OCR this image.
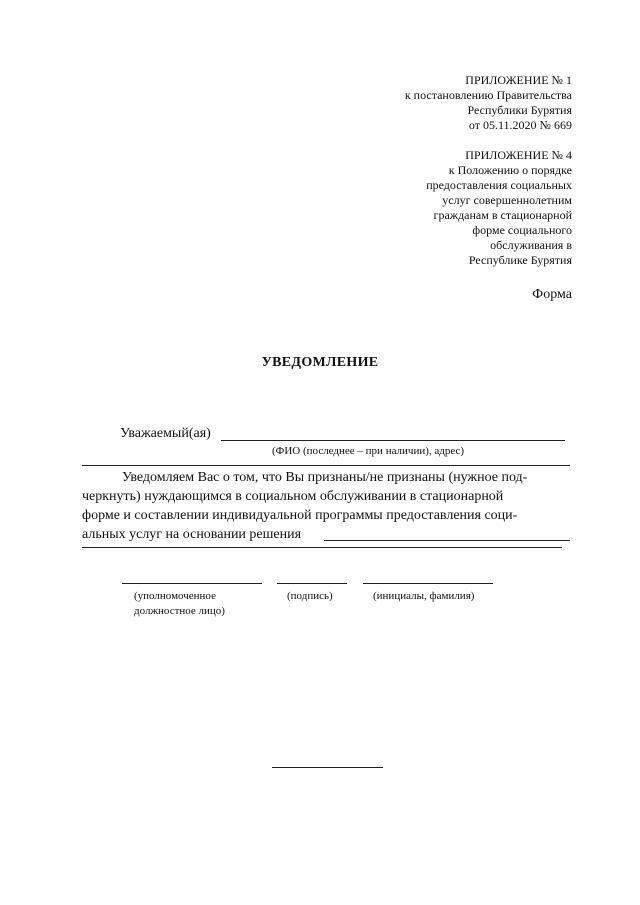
ПРИЛОЖЕНИЕ № 1
к постановлению Правительства
Республики Бурятия
от 05.11.2020 № 669
ПРИЛОЖЕНИЕ № 4
к Положению о порядке
предоставления социальных
услуг совершеннолетним
гражданам в стационарной
форме социального
обслуживания в
Республике Бурятия
Форма
УВЕДОМЛЕНИЕ
Уважаемый(ая)
(ФИО (последнее – при наличии), адрес)
Уведомляем Вас о том, что Вы признаны/не признаны (нужное под-
черкнуть) нуждающимся в социальном обслуживании в стационарной
форме и составлении индивидуальной программы предоставления соци-
альных услуг на основании решения
(уполномоченное
должностное лицо)
(подпись)	(инициалы, фамилия)
